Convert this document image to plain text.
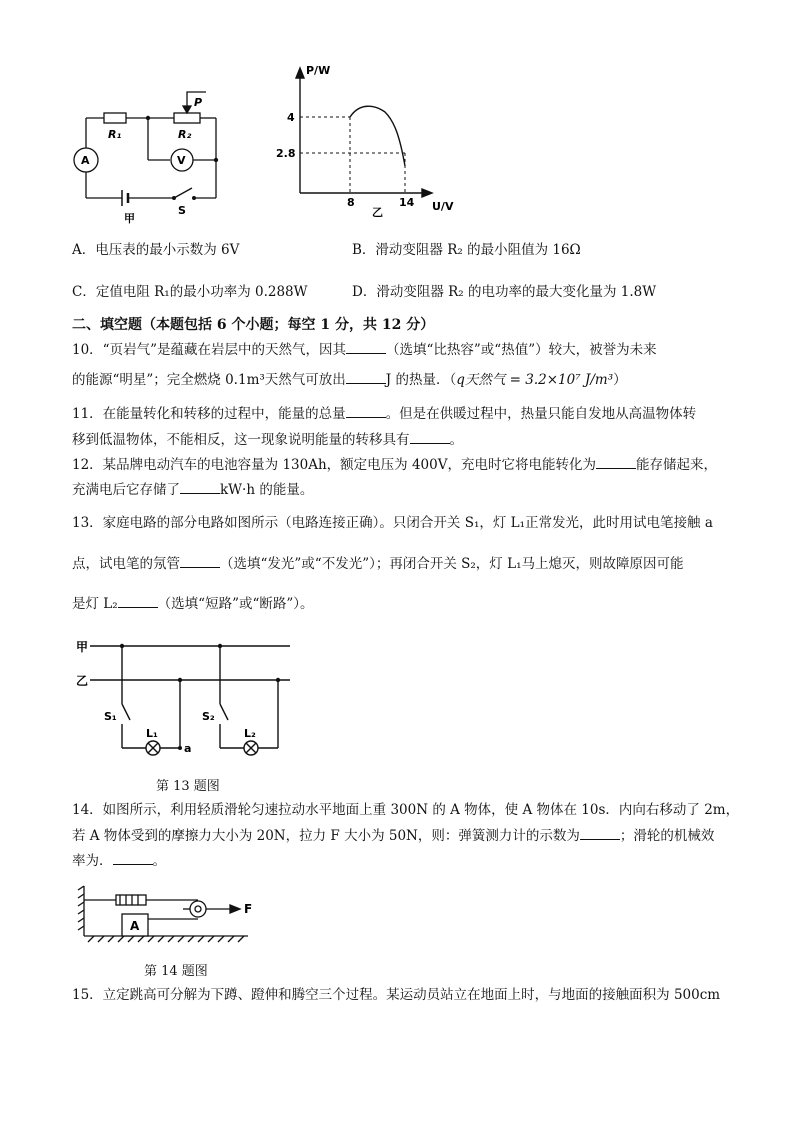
R₁	R₂
P
A	V
S
甲
P/W
U/V
4
2.8
8	14
乙
A．电压表的最小示数为 6V	B．滑动变阻器 R₂ 的最小阻值为 16Ω
C．定值电阻 R₁的最小功率为 0.288W	D．滑动变阻器 R₂ 的电功率的最大变化量为 1.8W
二、填空题（本题包括 6 个小题；每空 1 分，共 12 分）
10．“页岩气”是蕴藏在岩层中的天然气，因其	（选填“比热容”或“热值”）较大，被誉为未来
的能源“明星”；完全燃烧 0.1m³天然气可放出	J 的热量．（q天然气 = 3.2×10⁷ J/m³）
11．在能量转化和转移的过程中，能量的总量	。但是在供暖过程中，热量只能自发地从高温物体转
移到低温物体，不能相反，这一现象说明能量的转移具有	。
12．某品牌电动汽车的电池容量为 130Ah，额定电压为 400V，充电时它将电能转化为	能存储起来，
充满电后它存储了	kW·h 的能量。
13．家庭电路的部分电路如图所示（电路连接正确）。只闭合开关 S₁，灯 L₁正常发光，此时用试电笔接触 a
点，试电笔的氖管	（选填“发光”或“不发光”）；再闭合开关 S₂，灯 L₁马上熄灭，则故障原因可能
是灯 L₂	（选填“短路”或“断路”）。
甲
乙
S₁	S₂
L₁	L₂
a
第 13 题图
14．如图所示，利用轻质滑轮匀速拉动水平地面上重 300N 的 A 物体，使 A 物体在 10s．内向右移动了 2m，
若 A 物体受到的摩擦力大小为 20N，拉力 F 大小为 50N，则：弹簧测力计的示数为	；滑轮的机械效
率为．	。
A
F
第 14 题图
15．立定跳高可分解为下蹲、蹬伸和腾空三个过程。某运动员站立在地面上时，与地面的接触面积为 500cm
